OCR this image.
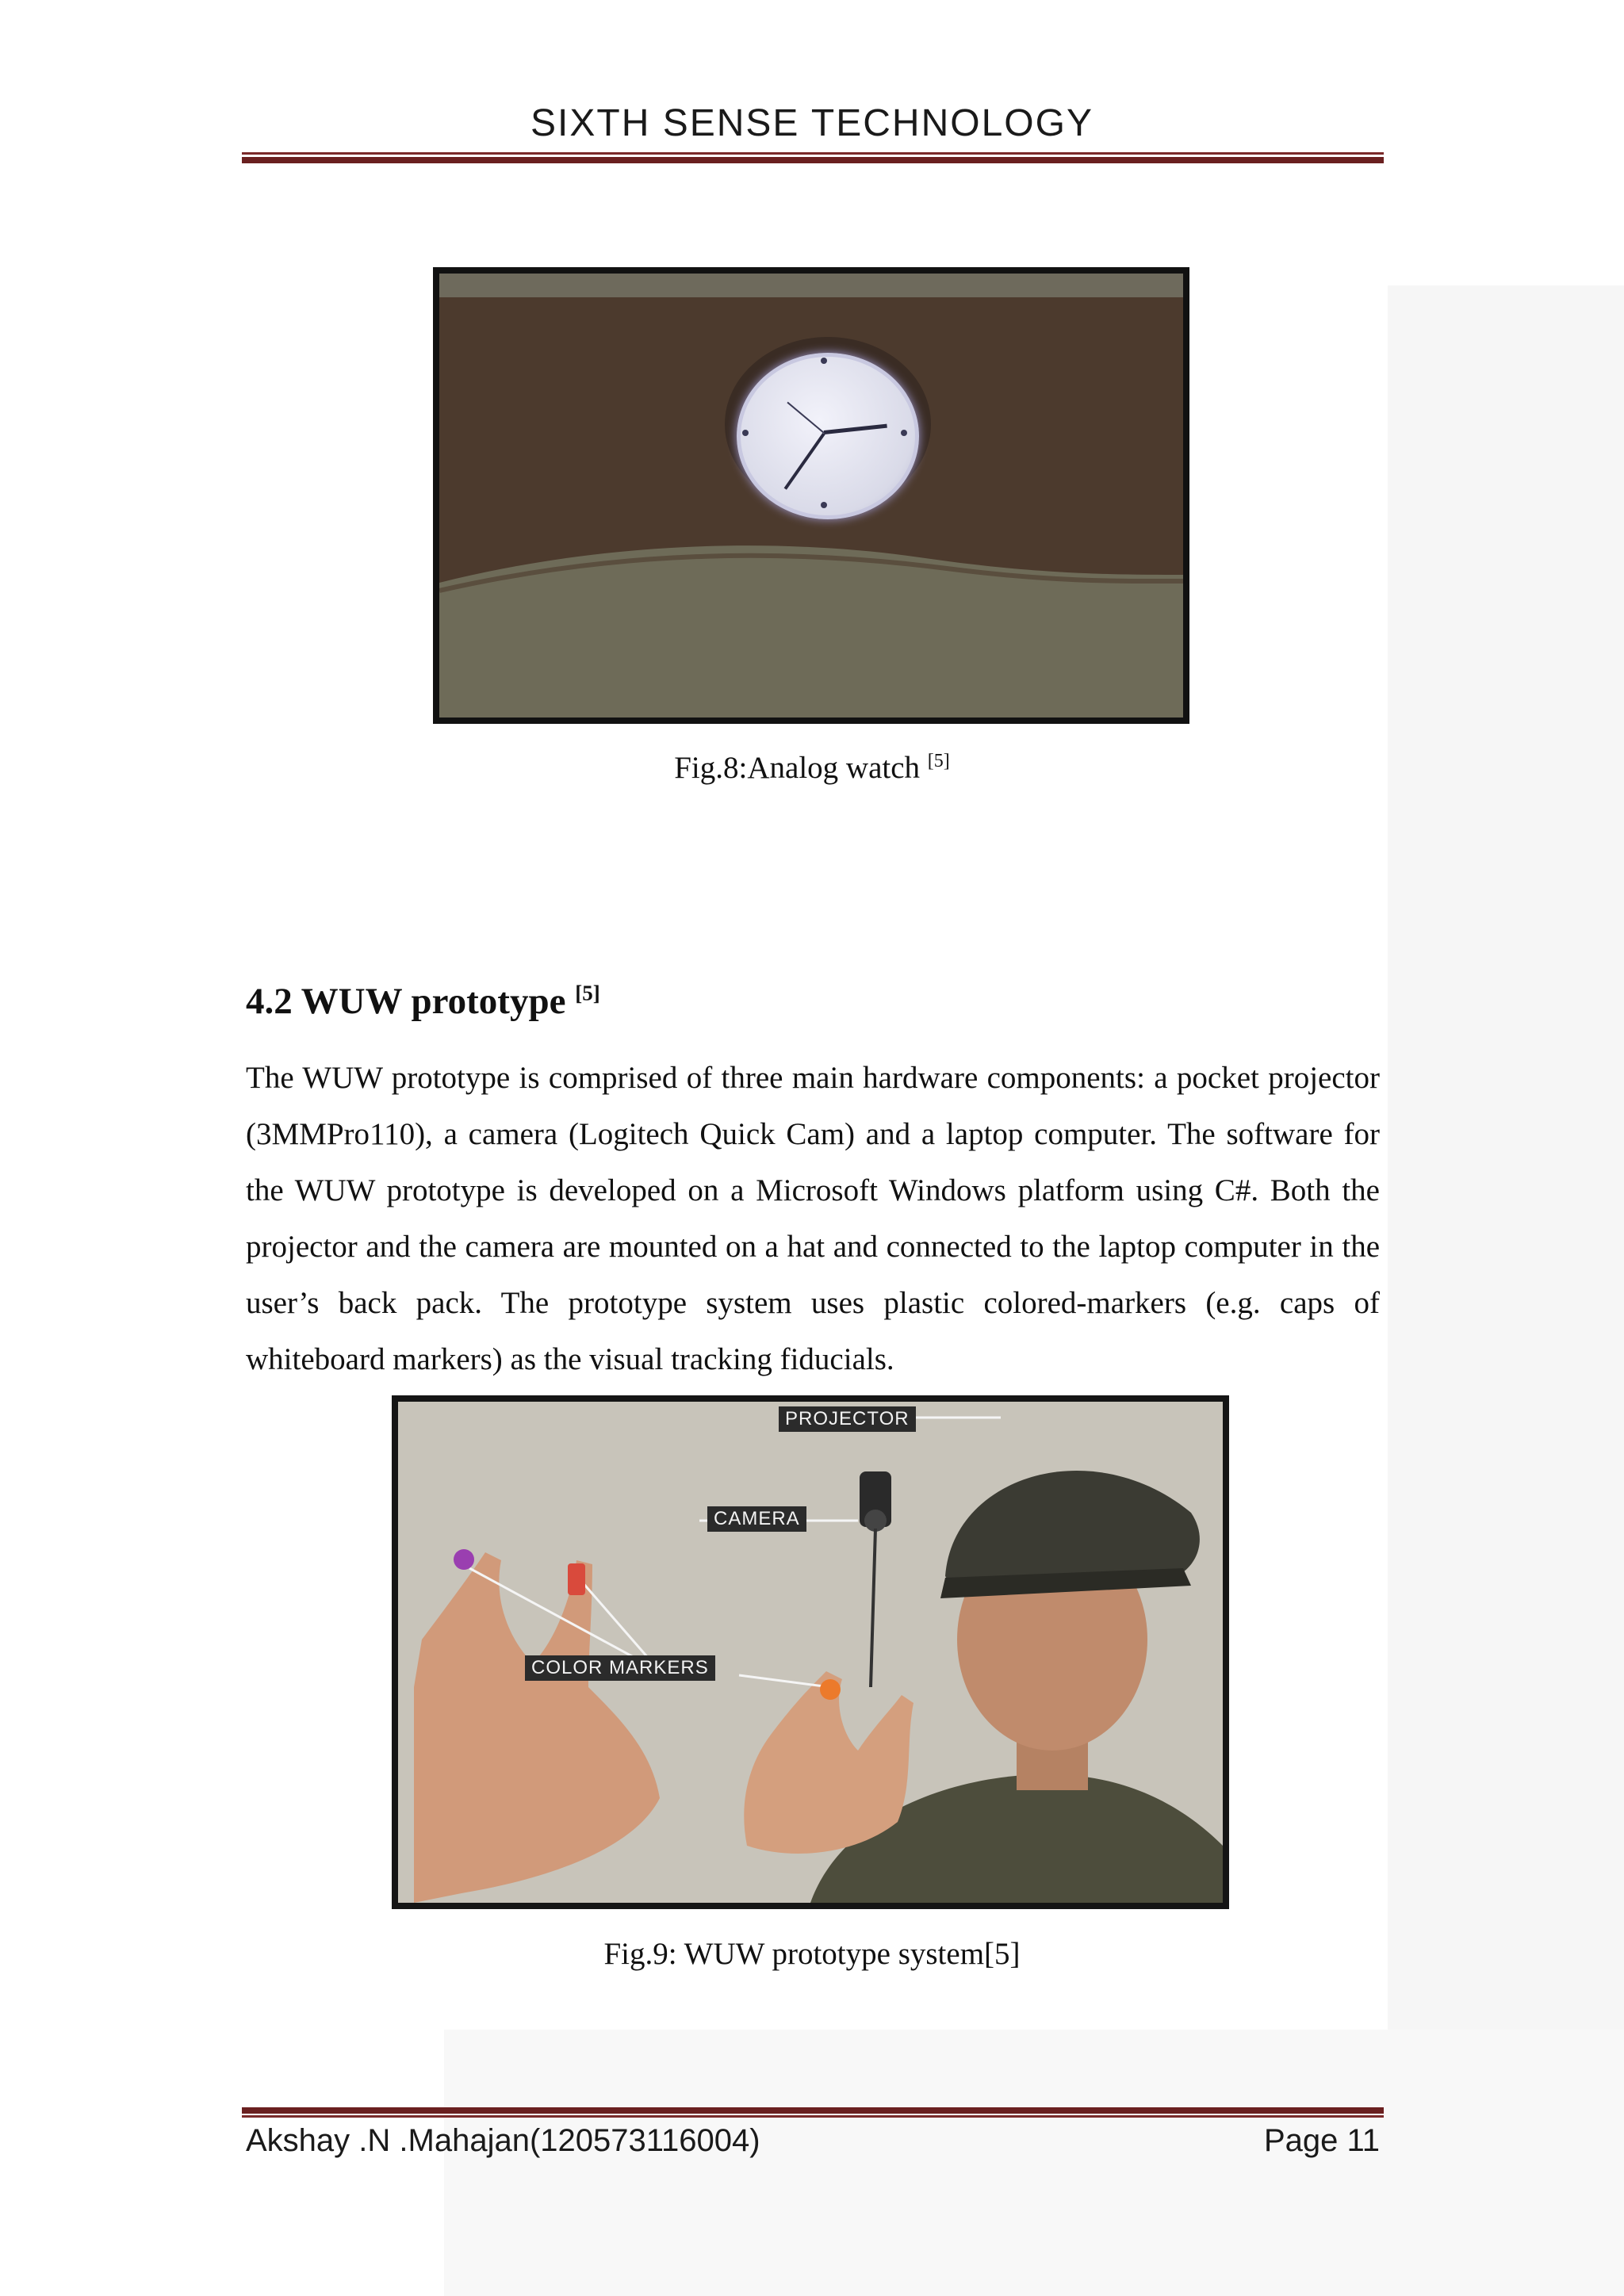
SIXTH SENSE TECHNOLOGY
Fig.8:Analog watch [5]
4.2 WUW prototype [5]
The WUW prototype is comprised of three main hardware components: a pocket projector (3MMPro110), a camera (Logitech Quick Cam) and a laptop computer. The software for the WUW prototype is developed on a Microsoft Windows platform using C#. Both the projector and the camera are mounted on a hat and connected to the laptop computer in the user’s back pack. The prototype system uses plastic colored-markers (e.g. caps of whiteboard markers) as the visual tracking fiducials.
PROJECTOR
CAMERA
COLOR MARKERS
Fig.9: WUW prototype system[5]
Akshay .N .Mahajan(120573116004)	Page 11
